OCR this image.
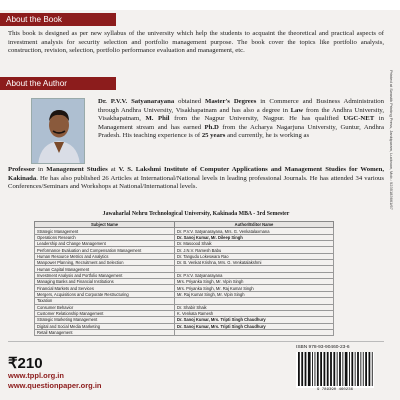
About the Book

This book is designed as per new syllabus of the university which help the students to acquaint the theoretical and practical aspects of investment analysis for security selection and portfolio management purpose. The book cover the topics like portfolio analysis, construction, revision, selection, portfolio performance evaluation and management, etc.

About the Author

Dr. P.V.V. Satyanarayana obtained Master's Degrees in Commerce and Business Administration through Andhra University, Visakhapatnam and has also a degree in Law from the Andhra University, Visakhapatnam, M. Phil from the Nagpur University, Nagpur. He has qualified UGC-NET in Management stream and has earned Ph.D from the Acharya Nagarjuna University, Guntur, Andhra Pradesh. His teaching experience is of 25 years and currently, he is working as

Professor in Management Studies at V. S. Lakshmi Institute of Computer Applications and Management Studies for Women, Kakinada. He has also published 26 Articles at International/National levels in leading professional Journals. He has attended 34 various Conferences/Seminars and Workshops at National/International levels.

Jawaharlal Nehru Technological University, Kakinada MBA - 3rd Semester
Subject Name	Author/Editor Name
Strategic Management	Dr. P.V.V. Satyanarayana, Mrs. G. Venkatalaxmana
Operations Research	Dr. Sanoj Kumar, Mr. Dileep Singh
Leadership and Change Management	Dr. Masoood Shaik
Performance Evaluation and Compensation Management	Dr. J.N.V. Ramesh Babu
Human Resource Metrics and Analytics	Dr. Tangudu Lokeswara Rao
Manpower Planning, Recruitment and Selection	Dr. B. Venkat Krishna, Mrs. G. Venkatalakshmi
Human Capital Management	
Investment Analysis and Portfolio Management	Dr. P.V.V. Satyanarayana
Managing Banks and Financial Institutions	Mrs. Priyanka Singh, Mr. Vipin Singh
Financial Markets and Services	Mrs. Priyanka Singh, Mr. Raj Kumar Singh
Mergers, Acquisitions and Corporate Restructuring	Mr. Raj Kumar Singh, Mr. Vipin Singh
Taxation	
Consumer Behavior	Dr. Shabir Shaik
Customer Relationship Management	K. Venkata Ramesh
Strategic Marketing Management	Dr. Sanoj Kumar, Mrs. Tripti Singh Chaudhury
Digital and Social Media Marketing	Dr. Sanoj Kumar, Mrs. Tripti Singh Chaudhury
Retail Management	
Printed at Swastik Printing Press, Jankipuram, Lucknow, Mob.: 9235183661/67
₹210
www.tppl.org.in
www.questionpaper.org.in
ISBN 978-93-90460-23-6
9 789390 460236
